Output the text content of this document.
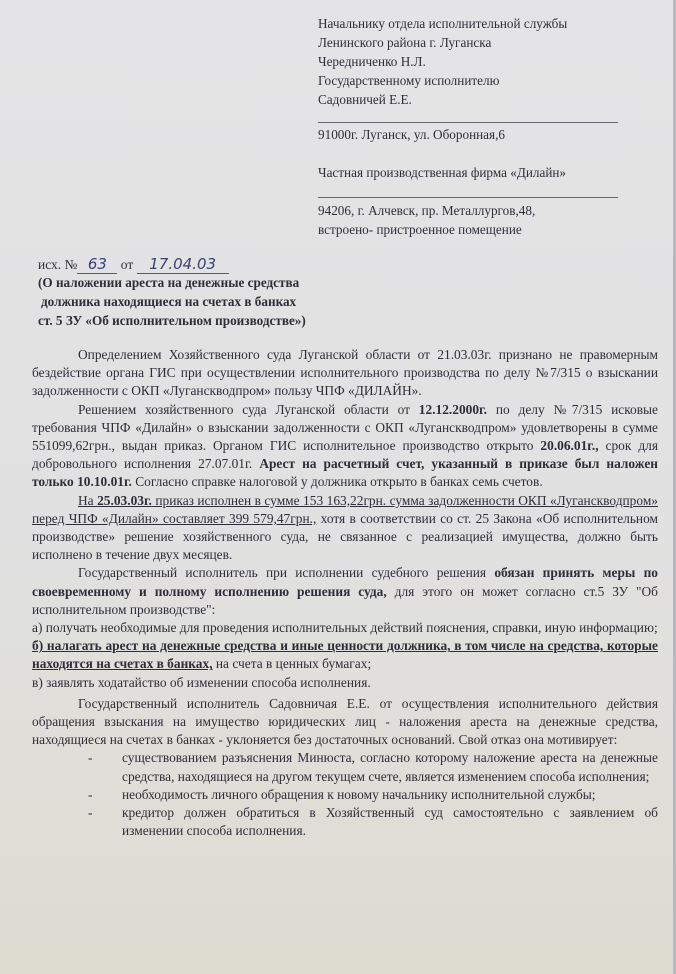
Начальнику отдела исполнительной службы
Ленинского района г. Луганска
Чередниченко Н.Л.
Государственному исполнителю
Садовничей Е.Е.
91000г. Луганск, ул. Оборонная,6
Частная производственная фирма «Дилайн»
94206, г. Алчевск, пр. Металлургов,48,
встроено- пристроенное помещение
исх. № 63 от 17.04.03
(О наложении ареста на денежные средства
должника находящиеся на счетах в банках
ст. 5 ЗУ «Об исполнительном производстве»)

Определением Хозяйственного суда Луганской области от 21.03.03г. признано не правомерным бездействие органа ГИС при осуществлении исполнительного производства по делу №7/315 о взыскании задолженности с ОКП «Луганскводпром» пользу ЧПФ «ДИЛАЙН».

Решением хозяйственного суда Луганской области от 12.12.2000г. по делу №7/315 исковые требования ЧПФ «Дилайн» о взыскании задолженности с ОКП «Луганскводпром» удовлетворены в сумме 551099,62грн., выдан приказ. Органом ГИС исполнительное производство открыто 20.06.01г., срок для добровольного исполнения 27.07.01г. Арест на расчетный счет, указанный в приказе был наложен только 10.10.01г. Согласно справке налоговой у должника открыто в банках семь счетов.

На 25.03.03г. приказ исполнен в сумме 153 163,22грн. сумма задолженности ОКП «Луганскводпром» перед ЧПФ «Дилайн» составляет 399 579,47грн., хотя в соответствии со ст. 25 Закона «Об исполнительном производстве» решение хозяйственного суда, не связанное с реализацией имущества, должно быть исполнено в течение двух месяцев.

Государственный исполнитель при исполнении судебного решения обязан принять меры по своевременному и полному исполнению решения суда, для этого он может согласно ст.5 ЗУ "Об исполнительном производстве":

а) получать необходимые для проведения исполнительных действий пояснения, справки, иную информацию;

б) налагать арест на денежные средства и иные ценности должника, в том числе на средства, которые находятся на счетах в банках, на счета в ценных бумагах;

в) заявлять ходатайство об изменении способа исполнения.

Государственный исполнитель Садовничая Е.Е. от осуществления исполнительного действия обращения взыскания на имущество юридических лиц - наложения ареста на денежные средства, находящиеся на счетах в банках - уклоняется без достаточных оснований. Свой отказ она мотивирует:

- существованием разъяснения Минюста, согласно которому наложение ареста на денежные средства, находящиеся на другом текущем счете, является изменением способа исполнения;
- необходимость личного обращения к новому начальнику исполнительной службы;
- кредитор должен обратиться в Хозяйственный суд самостоятельно с заявлением об изменении способа исполнения.
